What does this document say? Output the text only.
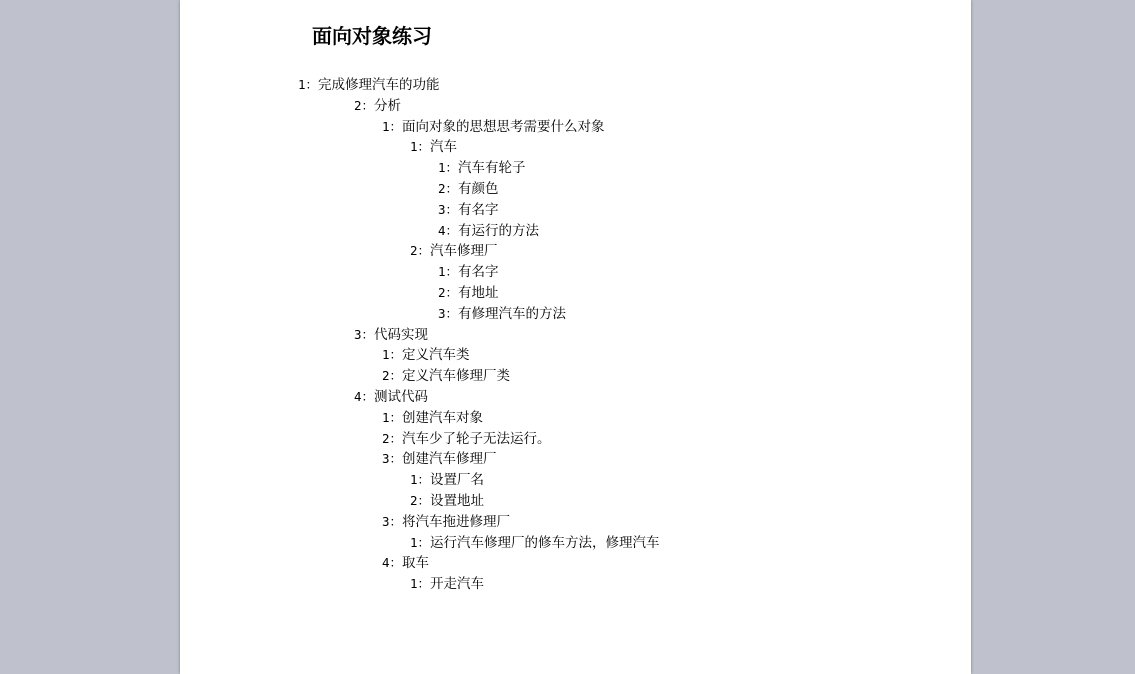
面向对象练习
1：完成修理汽车的功能
2：分析
1：面向对象的思想思考需要什么对象
1：汽车
1：汽车有轮子
2：有颜色
3：有名字
4：有运行的方法
2：汽车修理厂
1：有名字
2：有地址
3：有修理汽车的方法
3：代码实现
1：定义汽车类
2：定义汽车修理厂类
4：测试代码
1：创建汽车对象
2：汽车少了轮子无法运行。
3：创建汽车修理厂
1：设置厂名
2：设置地址
3：将汽车拖进修理厂
1：运行汽车修理厂的修车方法，修理汽车
4：取车
1：开走汽车
